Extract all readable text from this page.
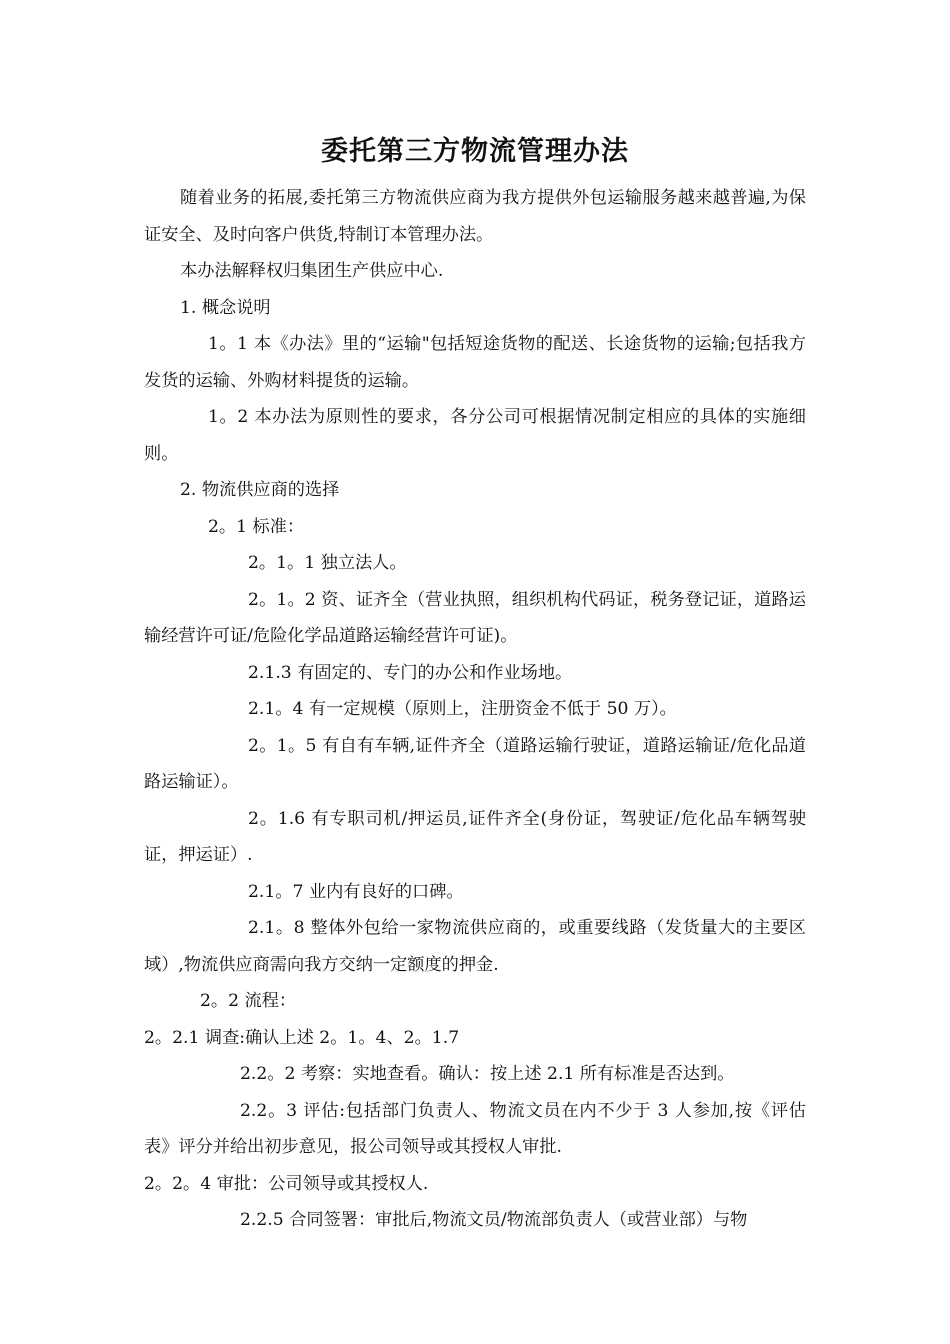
委托第三方物流管理办法

随着业务的拓展,委托第三方物流供应商为我方提供外包运输服务越来越普遍,为保证安全、及时向客户供货,特制订本管理办法。

本办法解释权归集团生产供应中心.

1. 概念说明

1。1 本《办法》里的“运输"包括短途货物的配送、长途货物的运输;包括我方发货的运输、外购材料提货的运输。

1。2 本办法为原则性的要求，各分公司可根据情况制定相应的具体的实施细则。

2. 物流供应商的选择

2。1 标准：

2。1。1 独立法人。

2。1。2 资、证齐全（营业执照，组织机构代码证，税务登记证，道路运输经营许可证/危险化学品道路运输经营许可证)。

2.1.3 有固定的、专门的办公和作业场地。

2.1。4 有一定规模（原则上，注册资金不低于 50 万）。

2。1。5 有自有车辆,证件齐全（道路运输行驶证，道路运输证/危化品道路运输证）。

2。1.6 有专职司机/押运员,证件齐全(身份证，驾驶证/危化品车辆驾驶证，押运证）.

2.1。7 业内有良好的口碑。

2.1。8 整体外包给一家物流供应商的，或重要线路（发货量大的主要区域）,物流供应商需向我方交纳一定额度的押金.

2。2 流程：

2。2.1 调查:确认上述 2。1。4、2。1.7

2.2。2 考察：实地查看。确认：按上述 2.1 所有标准是否达到。

2.2。3 评估:包括部门负责人、物流文员在内不少于 3 人参加,按《评估表》评分并给出初步意见，报公司领导或其授权人审批.

2。2。4 审批：公司领导或其授权人.

2.2.5 合同签署：审批后,物流文员/物流部负责人（或营业部）与物
